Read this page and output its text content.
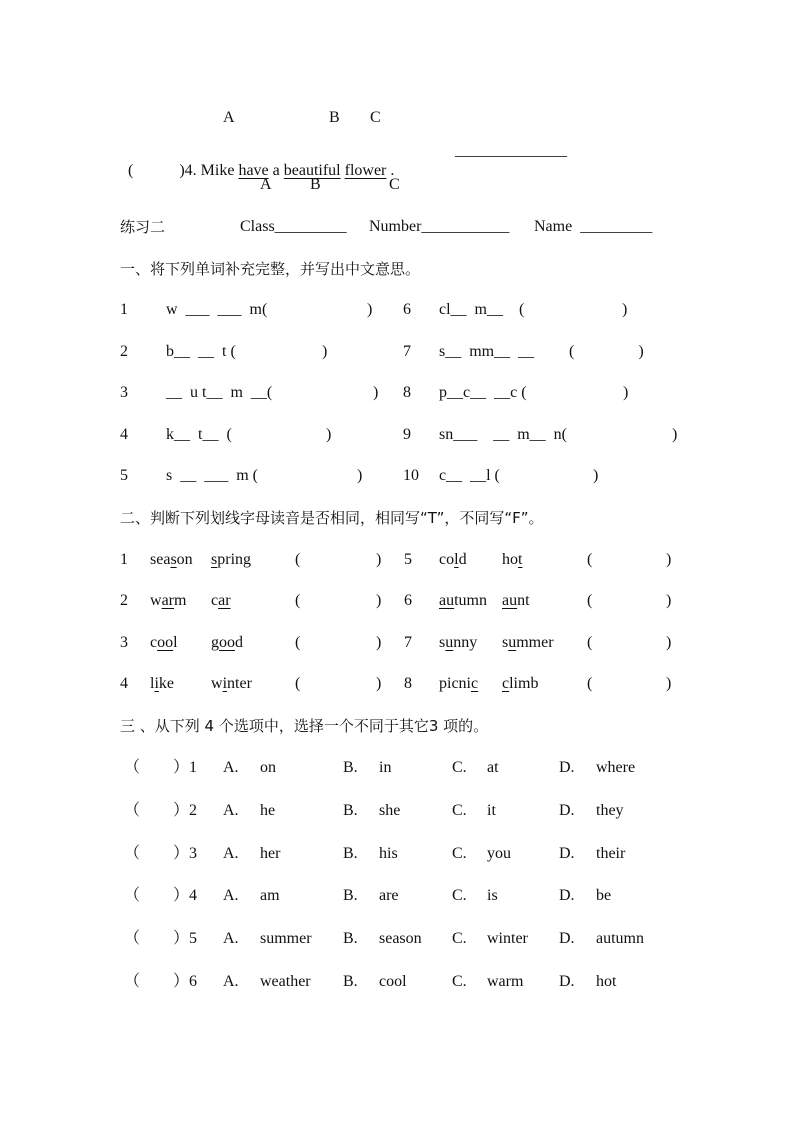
A	B C

(	)4. Mike have a beautiful flower .

______________
A B	C
练习二	Class_________ Number___________ Name  _________
一、将下列单词补充完整，并写出中文意思。
1 w  ___  ___  m(	) 6 cl__  m__    (	)
2 b__  __  t (	)	7 s__  mm__  __ (                )
3 __  u t__  m  __(	) 8 p__c__  __c (	)
4 k__  t__  (	)	9 sn___    __  m__  n(	)
5 s  __  ___  m (	)	10 c__  __l (	)
二、判断下列划线字母读音是否相同，相同写“T”，不同写“F”。
1 season spring	(	) 5 cold hot	(	)
2 warm car	(	) 6 autumn aunt	(	)
3 cool good	(	) 7 sunny summer (	)
4 like winter	(	) 8 picnic climb	(	)
三 、从下列 4 个选项中，选择一个不同于其它3 项的。
（ ）1 A. on	B. in	C. at	D. where
（ ）2 A. he	B. she	C. it	D. they
（ ）3 A. her	B. his	C. you	D. their
（ ）4 A. am	B. are	C. is	D. be
（ ）5 A. summer B. season C. winter D. autumn
（ ）6 A. weather B. cool	C. warm D. hot
